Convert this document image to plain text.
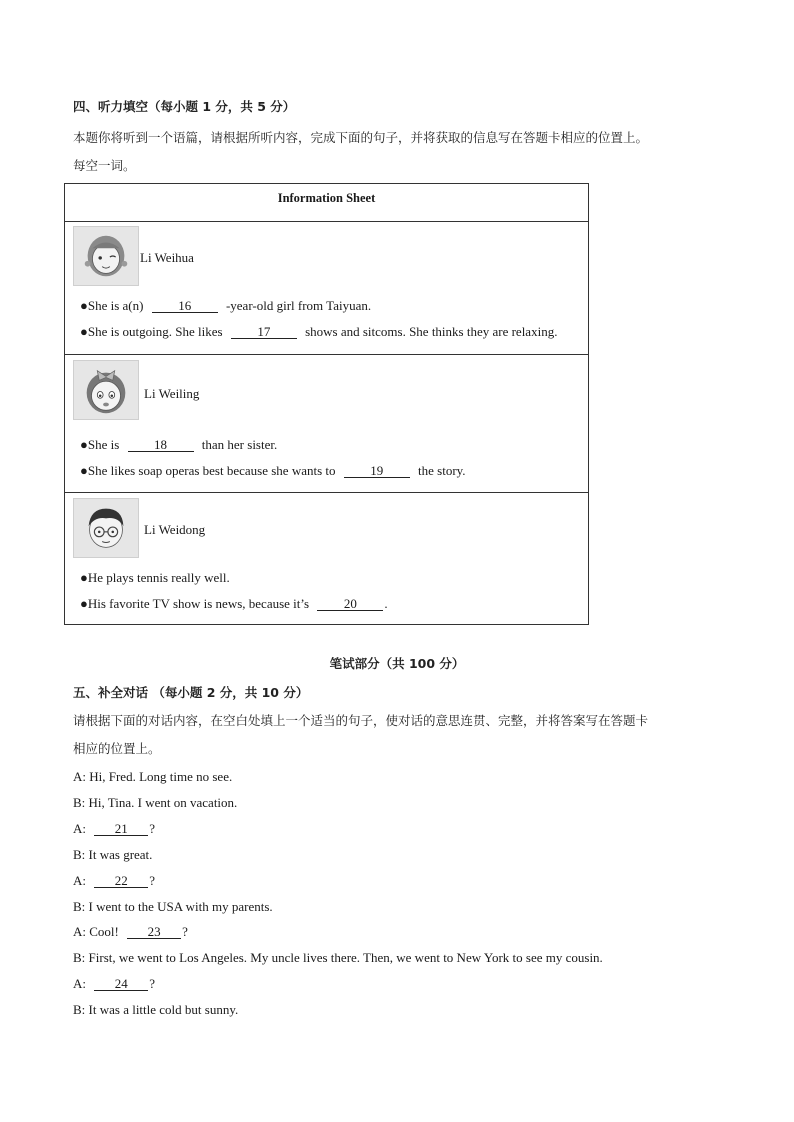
四、听力填空（每小题 1 分，共 5 分）
本题你将听到一个语篇，请根据所听内容，完成下面的句子，并将获取的信息写在答题卡相应的位置上。
每空一词。
Information Sheet
Li Weihua
●She is a(n)	16	-year-old girl from Taiyuan.
●She is outgoing. She likes	17	shows and sitcoms. She thinks they are relaxing.
Li Weiling
●She is	18	than her sister.
●She likes soap operas best because she wants to	19	the story.
Li Weidong
●He plays tennis really well.
●His favorite TV show is news, because it’s	20 .
笔试部分（共 100 分）
五、补全对话 （每小题 2 分，共 10 分）
请根据下面的对话内容，在空白处填上一个适当的句子，使对话的意思连贯、完整，并将答案写在答题卡
相应的位置上。
A: Hi, Fred. Long time no see.
B: Hi, Tina. I went on vacation.
A: 21 ?
B: It was great.
A: 22 ?
B: I went to the USA with my parents.
A: Cool! 23 ?
B: First, we went to Los Angeles. My uncle lives there. Then, we went to New York to see my cousin.
A: 24 ?
B: It was a little cold but sunny.
